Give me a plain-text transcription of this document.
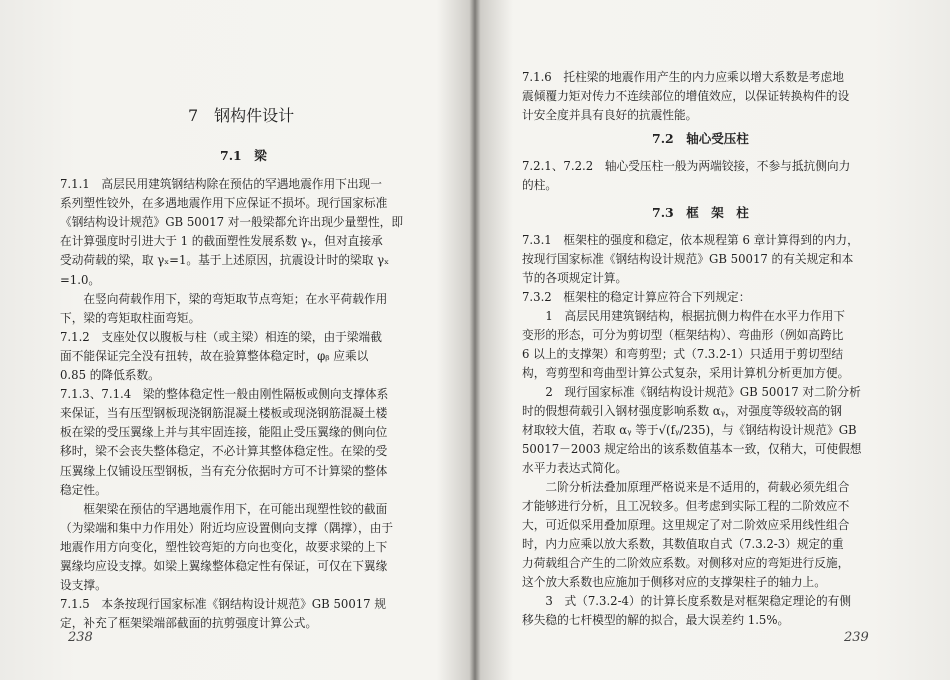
7　钢构件设计
7.1　梁
7.1.1　高层民用建筑钢结构除在预估的罕遇地震作用下出现一
系列塑性铰外，在多遇地震作用下应保证不损坏。现行国家标准
《钢结构设计规范》GB 50017 对一般梁都允许出现少量塑性，即
在计算强度时引进大于 1 的截面塑性发展系数 γₓ，但对直接承
受动荷载的梁，取 γₓ=1。基于上述原因，抗震设计时的梁取 γₓ
=1.0。
　　在竖向荷载作用下，梁的弯矩取节点弯矩；在水平荷载作用
下，梁的弯矩取柱面弯矩。
7.1.2　支座处仅以腹板与柱（或主梁）相连的梁，由于梁端截
面不能保证完全没有扭转，故在验算整体稳定时，φᵦ 应乘以
0.85 的降低系数。
7.1.3、7.1.4　梁的整体稳定性一般由刚性隔板或侧向支撑体系
来保证，当有压型钢板现浇钢筋混凝土楼板或现浇钢筋混凝土楼
板在梁的受压翼缘上并与其牢固连接，能阻止受压翼缘的侧向位
移时，梁不会丧失整体稳定，不必计算其整体稳定性。在梁的受
压翼缘上仅铺设压型钢板，当有充分依据时方可不计算梁的整体
稳定性。
　　框架梁在预估的罕遇地震作用下，在可能出现塑性铰的截面
（为梁端和集中力作用处）附近均应设置侧向支撑（隅撑），由于
地震作用方向变化，塑性铰弯矩的方向也变化，故要求梁的上下
翼缘均应设支撑。如梁上翼缘整体稳定性有保证，可仅在下翼缘
设支撑。
7.1.5　本条按现行国家标准《钢结构设计规范》GB 50017 规
定，补充了框架梁端部截面的抗剪强度计算公式。
238
7.1.6　托柱梁的地震作用产生的内力应乘以增大系数是考虑地
震倾覆力矩对传力不连续部位的增值效应，以保证转换构件的设
计安全度并具有良好的抗震性能。
7.2　轴心受压柱
7.2.1、7.2.2　轴心受压柱一般为两端铰接，不参与抵抗侧向力
的柱。
7.3　框　架　柱
7.3.1　框架柱的强度和稳定，依本规程第 6 章计算得到的内力，
按现行国家标准《钢结构设计规范》GB 50017 的有关规定和本
节的各项规定计算。
7.3.2　框架柱的稳定计算应符合下列规定：
　　1　高层民用建筑钢结构，根据抗侧力构件在水平力作用下
变形的形态，可分为剪切型（框架结构）、弯曲形（例如高跨比
6 以上的支撑架）和弯剪型；式（7.3.2-1）只适用于剪切型结
构，弯剪型和弯曲型计算公式复杂，采用计算机分析更加方便。
　　2　现行国家标准《钢结构设计规范》GB 50017 对二阶分析
时的假想荷载引入钢材强度影响系数 αᵧ，对强度等级较高的钢
材取较大值，若取 αᵧ 等于√(fᵧ/235)，与《钢结构设计规范》GB
50017－2003 规定给出的该系数值基本一致，仅稍大，可使假想
水平力表达式简化。
　　二阶分析法叠加原理严格说来是不适用的，荷载必须先组合
才能够进行分析，且工况较多。但考虑到实际工程的二阶效应不
大，可近似采用叠加原理。这里规定了对二阶效应采用线性组合
时，内力应乘以放大系数，其数值取自式（7.3.2-3）规定的重
力荷载组合产生的二阶效应系数。对侧移对应的弯矩进行反施，
这个放大系数也应施加于侧移对应的支撑架柱子的轴力上。
　　3　式（7.3.2-4）的计算长度系数是对框架稳定理论的有侧
移失稳的七杆模型的解的拟合，最大误差约 1.5%。
239
